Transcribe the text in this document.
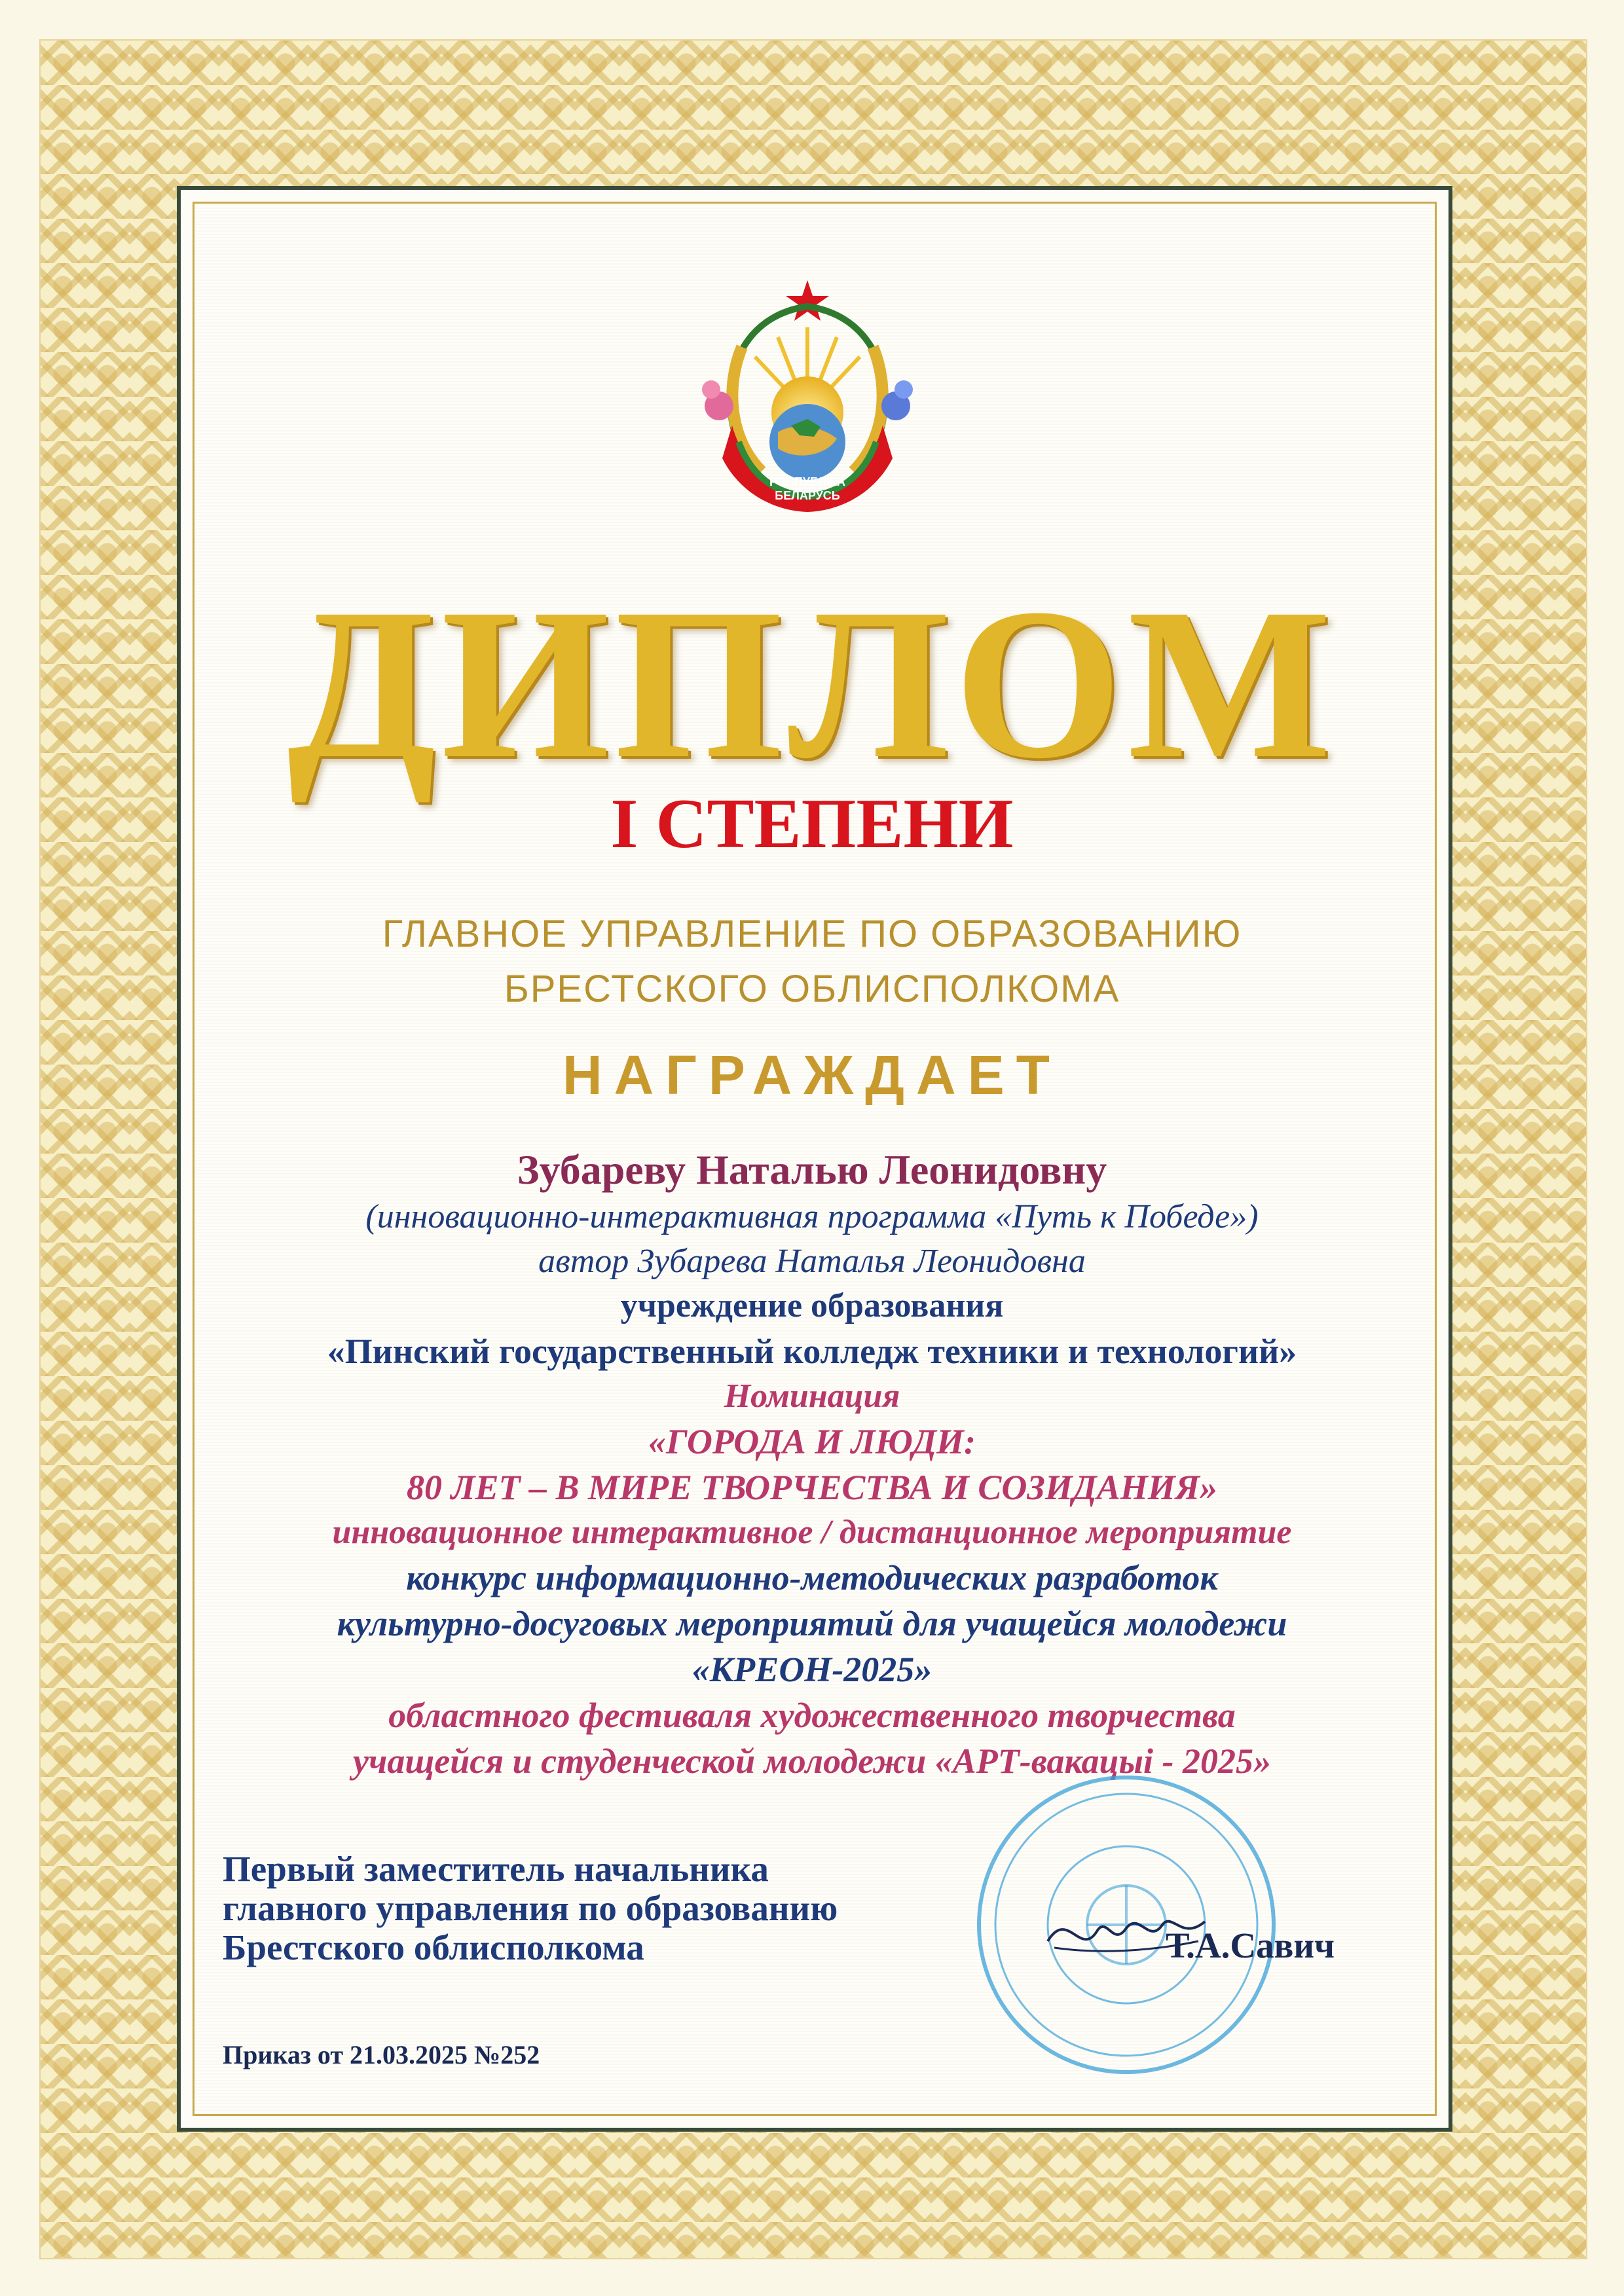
РЭСПУБЛІКА
БЕЛАРУСЬ
ДИПЛОМ
I СТЕПЕНИ
ГЛАВНОЕ УПРАВЛЕНИЕ ПО ОБРАЗОВАНИЮ
БРЕСТСКОГО ОБЛИСПОЛКОМА
НАГРАЖДАЕТ
Зубареву Наталью Леонидовну
(инновационно-интерактивная программа «Путь к Победе»)
автор Зубарева Наталья Леонидовна
учреждение образования
«Пинский государственный колледж техники и технологий»
Номинация
«ГОРОДА И ЛЮДИ:
80 ЛЕТ – В МИРЕ ТВОРЧЕСТВА И СОЗИДАНИЯ»
инновационное интерактивное / дистанционное мероприятие
конкурс информационно-методических разработок
культурно-досуговых мероприятий для учащейся молодежи
«КРЕОН-2025»
областного фестиваля художественного творчества
учащейся и студенческой молодежи «АРТ-вакацыі - 2025»
Первый заместитель начальника
главного управления по образованию
Брестского облисполкома	Т.А.Савич
Приказ от 21.03.2025 №252
